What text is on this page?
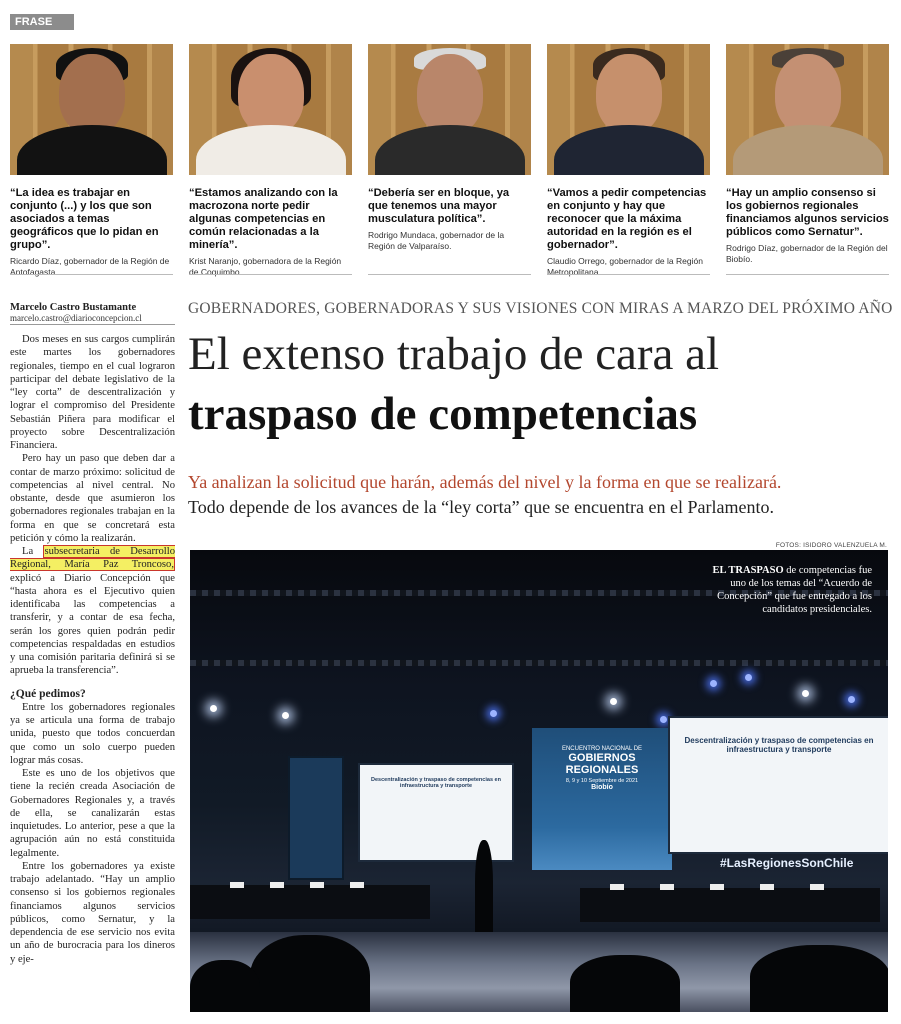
FRASE
“La idea es trabajar en conjunto (...) y los que son asociados a temas geográficos que lo pidan en grupo”.
Ricardo Díaz, gobernador de la Región de Antofagasta.
“Estamos analizando con la macrozona norte pedir algunas competencias en común relacionadas a la minería”.
Krist Naranjo, gobernadora de la Región de Coquimbo.
“Debería ser en bloque, ya que tenemos una mayor musculatura política”.
Rodrigo Mundaca, gobernador de la Región de Valparaíso.
“Vamos a pedir competencias en conjunto y hay que reconocer que la máxima autoridad en la región es el gobernador”.
Claudio Orrego, gobernador de la Región Metropolitana.
“Hay un amplio consenso si los gobiernos regionales financiamos algunos servicios públicos como Sernatur”.
Rodrigo Díaz, gobernador de la Región del Biobío.
Marcelo Castro Bustamante
marcelo.castro@diarioconcepcion.cl
GOBERNADORES, GOBERNADORAS Y SUS VISIONES CON MIRAS A MARZO DEL PRÓXIMO AÑO
El extenso trabajo de cara al
traspaso de competencias
Ya analizan la solicitud que harán, además del nivel y la forma en que se realizará.
Todo depende de los avances de la “ley corta” que se encuentra en el Parlamento.

Dos meses en sus cargos cumplirán este martes los gobernadores regionales, tiempo en el cual lograron participar del debate legislativo de la “ley corta” de descentralización y lograr el compromiso del Presidente Sebastián Piñera para modificar el proyecto sobre Descentralización Financiera.

Pero hay un paso que deben dar a contar de marzo próximo: solicitud de competencias al nivel central. No obstante, desde que asumieron los gobernadores regionales trabajan en la forma en que se concretará esta petición y cómo la realizarán.

La subsecretaria de Desarrollo Regional, María Paz Troncoso, explicó a Diario Concepción que “hasta ahora es el Ejecutivo quien identificaba las competencias a transferir, y a contar de esa fecha, serán los gores quien podrán pedir competencias respaldadas en estudios y una comisión paritaria definirá si se aprueba la transferencia”.

¿Qué pedimos?

Entre los gobernadores regionales ya se articula una forma de trabajo unida, puesto que todos concuerdan que como un solo cuerpo pueden lograr más cosas.

Este es uno de los objetivos que tiene la recién creada Asociación de Gobernadores Regionales y, a través de ella, se canalizarán estas inquietudes. Lo anterior, pese a que la agrupación aún no está constituida legalmente.

Entre los gobernadores ya existe trabajo adelantado. “Hay un amplio consenso si los gobiernos regionales financiamos algunos servicios públicos, como Sernatur, y la dependencia de ese servicio nos evita un año de burocracia para los dineros y eje-

FOTOS: ISIDORO VALENZUELA M.
Descentralización y traspaso de competencias en infraestructura y transporte
ENCUENTRO NACIONAL DE
GOBIERNOS REGIONALES
8, 9 y 10 Septiembre de 2021
Biobío
Descentralización y traspaso de competencias en infraestructura y transporte
#LasRegionesSonChile
EL TRASPASO de competencias fue uno de los temas del “Acuerdo de Concepción” que fue entregado a los candidatos presidenciales.
